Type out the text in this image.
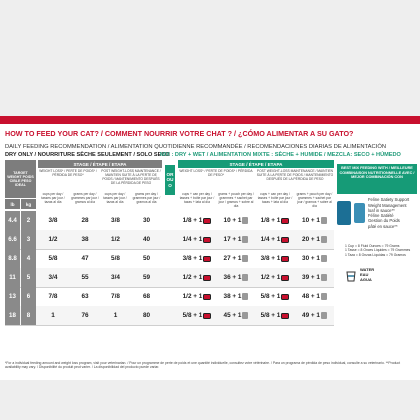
HOW TO FEED YOUR CAT? / COMMENT NOURRIR VOTRE CHAT ? / ¿CÓMO ALIMENTAR A SU GATO?
DAILY FEEDING RECOMMENDATION / ALIMENTATION QUOTIDIENNE RECOMMANDÉE / RECOMENDACIONES DIARIAS DE ALIMENTACIÓN
DRY ONLY / NOURRITURE SÈCHE SEULEMENT / SOLO SECO
MIX : DRY + WET / ALIMENTATION MIXTE : SÈCHE + HUMIDE / MEZCLA: SECO + HÚMEDO
TARGET WEIGHT POIDS CIBLE PESO IDEAL
lb	kg
STAGE / ÉTAPE / ETAPA	STAGE / ÉTAPE / ETAPA
OR
OU
O
WEIGHT LOSS* / PERTE DE POIDS* / PÉRDIDA DE PESO*
POST WEIGHT-LOSS MAINTENANCE / MAINTIEN SUITE À LA PERTE DE POIDS / MANTENIMIENTO DESPUÉS DE LA PÉRDIDA DE PESO
WEIGHT LOSS* / PERTE DE POIDS* / PÉRDIDA DE PESO*
POST WEIGHT-LOSS MAINTENANCE / MAINTIEN SUITE À LA PERTE DE POIDS / MANTENIMIENTO DESPUÉS DE LA PÉRDIDA DE PESO
cups per day / tasses par jour / tazas al día
grams per day / grammes par jour / gramos al día
cups per day / tasses par jour / tazas al día
grams per day / grammes par jour / gramos al día
cups + can per day / tasses + boîte par jour / tazas + lata al día
grams + pouch per day / grammes + sachet par jour / gramos + sobre al día
cups + can per day / tasses + boîte par jour / tazas + lata al día
grams + pouch per day / grammes + sachet par jour / gramos + sobre al día
4.4 2	3/8	28	3/8	30	1/8 + 1	10 + 1	1/8 + 1	10 + 1
6.6 3	1/2	38	1/2	40	1/4 + 1	17 + 1	1/4 + 1	20 + 1
8.8 4	5/8	47	5/8	50	3/8 + 1	27 + 1	3/8 + 1	30 + 1
11 5	3/4	55	3/4	59	1/2 + 1	36 + 1	1/2 + 1	39 + 1
13 6	7/8	63	7/8	68	1/2 + 1	38 + 1	5/8 + 1	48 + 1
18 8	1	76	1	80	5/8 + 1	45 + 1	5/8 + 1	49 + 1
BEST MIX FEEDING WITH / MEILLEURE COMBINAISON NUTRITIONNELLE AVEC / MEJOR COMBINACIÓN CON
Feline Satiety Support
Weight Management
loaf in sauce**
Féline Satiété
Gestion du Poids
pâté en sauce**
1 Cup = 8 Fluid Ounces = 79 Grams
1 Tasse = 8 Onces Liquides = 79 Grammes
1 Taza = 8 Onzas Líquidas = 79 Gramos
WATER
EAU
AGUA
*For a individual feeding amount and weight loss program, visit your veterinarian. / Pour un programme de perte de poids et une quantité individuelle, consultez votre vétérinaire. / Para un programa de pérdida de peso individual, consulte a su veterinario. **Product availability may vary. / Disponibilité du produit peut varier. / La disponibilidad del producto puede variar.
